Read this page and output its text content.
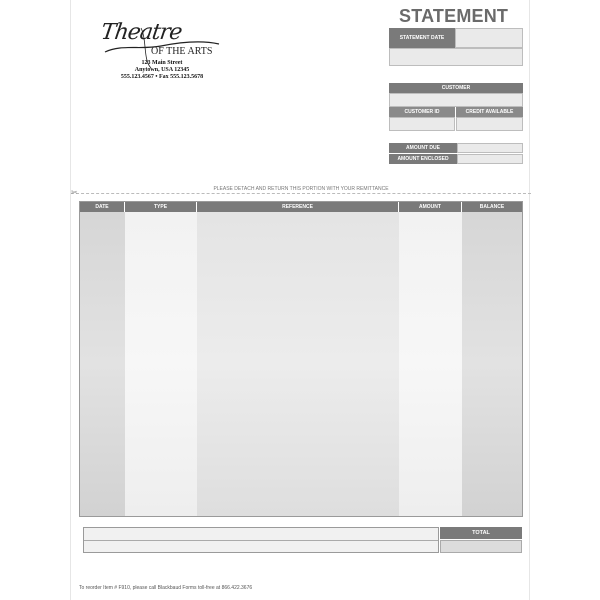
Theatre
OF THE ARTS
123 Main Street
Anytown, USA 12345
555.123.4567 • Fax 555.123.5678
STATEMENT
STATEMENT DATE
CUSTOMER
CUSTOMER ID	CREDIT AVAILABLE
AMOUNT DUE
AMOUNT ENCLOSED
PLEASE DETACH AND RETURN THIS PORTION WITH YOUR REMITTANCE
✂
DATE	TYPE	REFERENCE	AMOUNT	BALANCE
TOTAL
To reorder Item # F910, please call Blackbaud Forms toll-free at 866.422.3676
